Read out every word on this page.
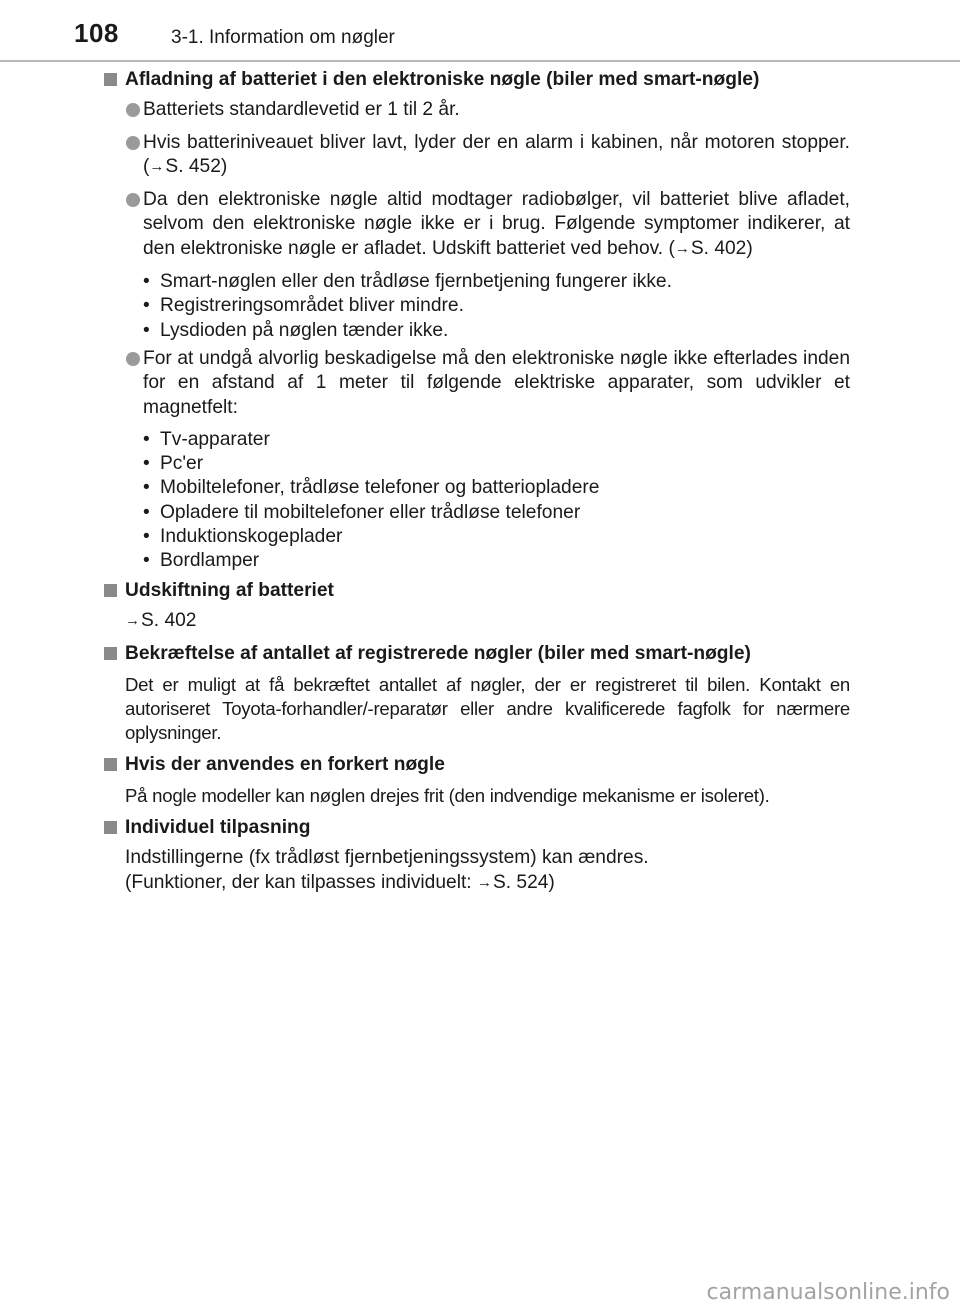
108	3-1. Information om nøgler

Afladning af batteriet i den elektroniske nøgle (biler med smart-nøgle)

Batteriets standardlevetid er 1 til 2 år.

Hvis batteriniveauet bliver lavt, lyder der en alarm i kabinen, når motoren stopper. (→S. 452)

Da den elektroniske nøgle altid modtager radiobølger, vil batteriet blive afladet, selvom den elektroniske nøgle ikke er i brug. Følgende symptomer indikerer, at den elektroniske nøgle er afladet. Udskift batteriet ved behov. (→S. 402)

• Smart-nøglen eller den trådløse fjernbetjening fungerer ikke.

• Registreringsområdet bliver mindre.

• Lysdioden på nøglen tænder ikke.

For at undgå alvorlig beskadigelse må den elektroniske nøgle ikke efterlades inden for en afstand af 1 meter til følgende elektriske apparater, som udvikler et magnetfelt:

• Tv-apparater

• Pc'er

• Mobiltelefoner, trådløse telefoner og batteriopladere

• Opladere til mobiltelefoner eller trådløse telefoner

• Induktionskogeplader

• Bordlamper

Udskiftning af batteriet

→S. 402

Bekræftelse af antallet af registrerede nøgler (biler med smart-nøgle)

Det er muligt at få bekræftet antallet af nøgler, der er registreret til bilen. Kontakt en autoriseret Toyota-forhandler/-reparatør eller andre kvalificerede fagfolk for nærmere oplysninger.

Hvis der anvendes en forkert nøgle

På nogle modeller kan nøglen drejes frit (den indvendige mekanisme er isoleret).

Individuel tilpasning

Indstillingerne (fx trådløst fjernbetjeningssystem) kan ændres.

(Funktioner, der kan tilpasses individuelt: →S. 524)

carmanualsonline.info
